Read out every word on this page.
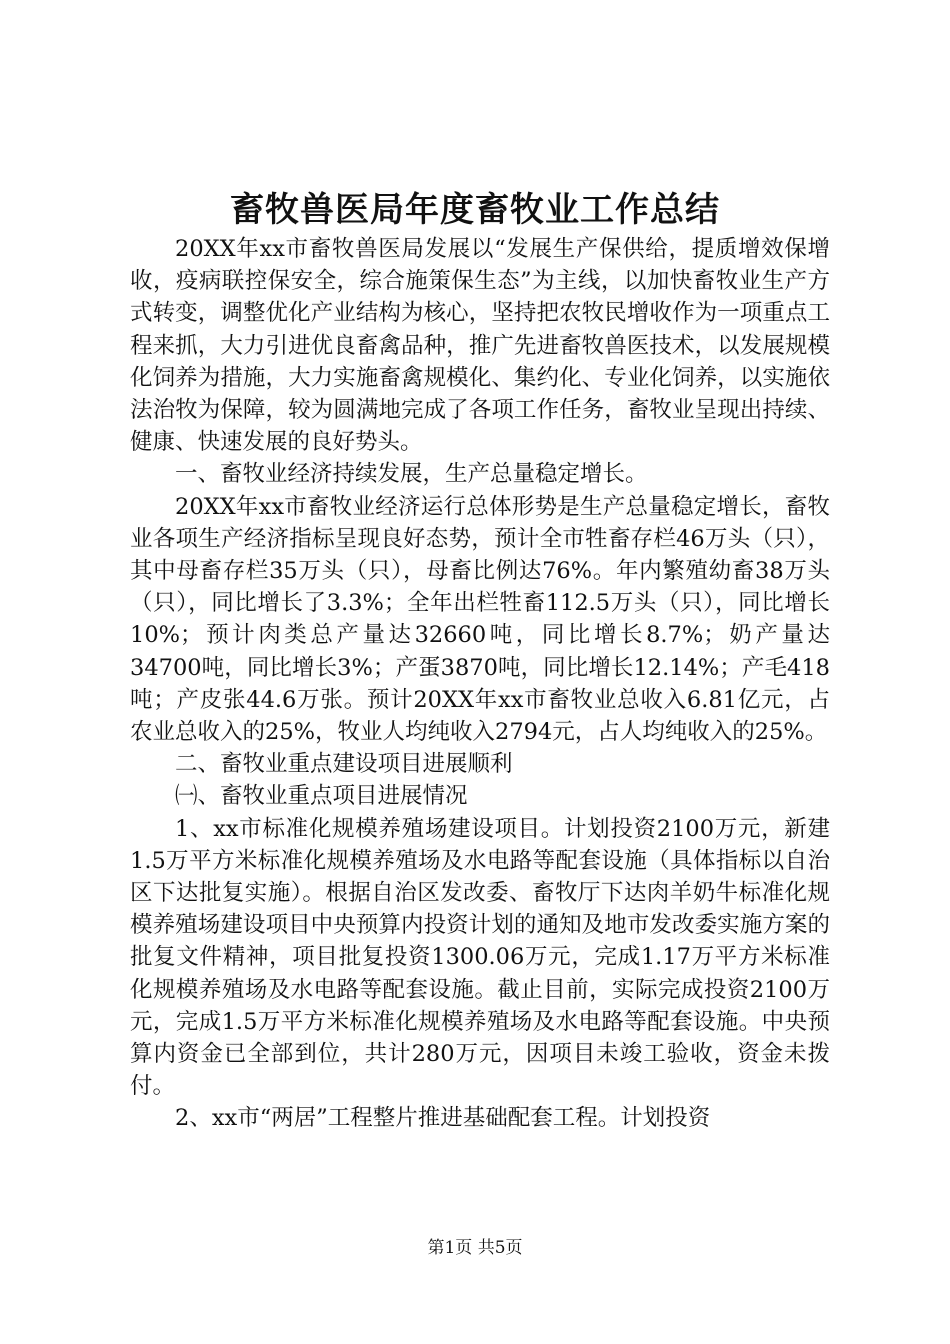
畜牧兽医局年度畜牧业工作总结

20XX年xx市畜牧兽医局发展以“发展生产保供给，提质增效保增收，疫病联控保安全，综合施策保生态”为主线，以加快畜牧业生产方式转变，调整优化产业结构为核心，坚持把农牧民增收作为一项重点工程来抓，大力引进优良畜禽品种，推广先进畜牧兽医技术，以发展规模化饲养为措施，大力实施畜禽规模化、集约化、专业化饲养，以实施依法治牧为保障，较为圆满地完成了各项工作任务，畜牧业呈现出持续、健康、快速发展的良好势头。

一、畜牧业经济持续发展，生产总量稳定增长。

20XX年xx市畜牧业经济运行总体形势是生产总量稳定增长，畜牧业各项生产经济指标呈现良好态势，预计全市牲畜存栏46万头（只），其中母畜存栏35万头（只），母畜比例达76%。年内繁殖幼畜38万头（只），同比增长了3.3%；全年出栏牲畜112.5万头（只），同比增长10%；预计肉类总产量达32660吨，同比增长8.7%；奶产量达34700吨，同比增长3%；产蛋3870吨，同比增长12.14%；产毛418吨；产皮张44.6万张。预计20XX年xx市畜牧业总收入6.81亿元，占农业总收入的25%，牧业人均纯收入2794元，占人均纯收入的25%。

二、畜牧业重点建设项目进展顺利

㈠、畜牧业重点项目进展情况

1、xx市标准化规模养殖场建设项目。计划投资2100万元，新建1.5万平方米标准化规模养殖场及水电路等配套设施（具体指标以自治区下达批复实施）。根据自治区发改委、畜牧厅下达肉羊奶牛标准化规模养殖场建设项目中央预算内投资计划的通知及地市发改委实施方案的批复文件精神，项目批复投资1300.06万元，完成1.17万平方米标准化规模养殖场及水电路等配套设施。截止目前，实际完成投资2100万元，完成1.5万平方米标准化规模养殖场及水电路等配套设施。中央预算内资金已全部到位，共计280万元，因项目未竣工验收，资金未拨付。

2、xx市“两居”工程整片推进基础配套工程。计划投资

第1页 共5页
